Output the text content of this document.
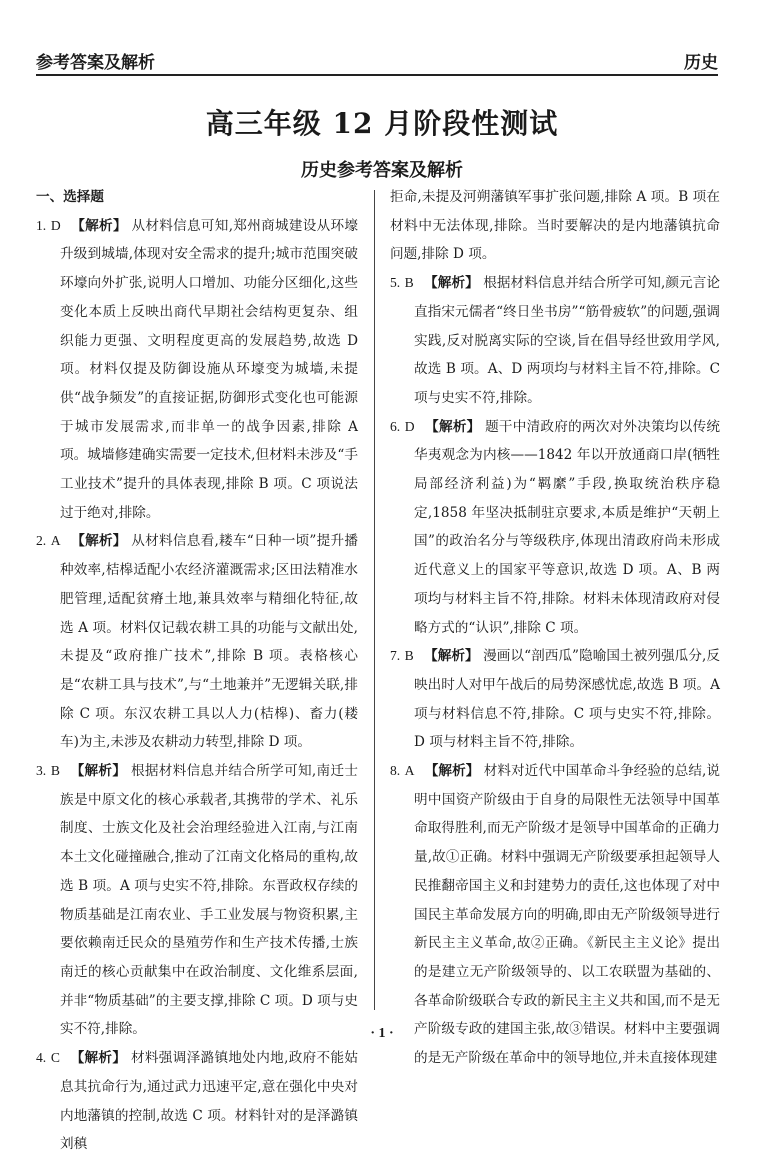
参考答案及解析	历史
高三年级 12 月阶段性测试
历史参考答案及解析
一、选择题

1. D 【解析】 从材料信息可知,郑州商城建设从环壕升级到城墙,体现对安全需求的提升;城市范围突破环壕向外扩张,说明人口增加、功能分区细化,这些变化本质上反映出商代早期社会结构更复杂、组织能力更强、文明程度更高的发展趋势,故选 D 项。材料仅提及防御设施从环壕变为城墙,未提供“战争频发”的直接证据,防御形式变化也可能源于城市发展需求,而非单一的战争因素,排除 A 项。城墙修建确实需要一定技术,但材料未涉及“手工业技术”提升的具体表现,排除 B 项。C 项说法过于绝对,排除。

2. A 【解析】 从材料信息看,耧车“日种一顷”提升播种效率,桔槔适配小农经济灌溉需求;区田法精准水肥管理,适配贫瘠土地,兼具效率与精细化特征,故选 A 项。材料仅记载农耕工具的功能与文献出处,未提及“政府推广技术”,排除 B 项。表格核心是“农耕工具与技术”,与“土地兼并”无逻辑关联,排除 C 项。东汉农耕工具以人力(桔槔)、畜力(耧车)为主,未涉及农耕动力转型,排除 D 项。

3. B 【解析】 根据材料信息并结合所学可知,南迁士族是中原文化的核心承载者,其携带的学术、礼乐制度、士族文化及社会治理经验进入江南,与江南本土文化碰撞融合,推动了江南文化格局的重构,故选 B 项。A 项与史实不符,排除。东晋政权存续的物质基础是江南农业、手工业发展与物资积累,主要依赖南迁民众的垦殖劳作和生产技术传播,士族南迁的核心贡献集中在政治制度、文化维系层面,并非“物质基础”的主要支撑,排除 C 项。D 项与史实不符,排除。

4. C 【解析】 材料强调泽潞镇地处内地,政府不能姑息其抗命行为,通过武力迅速平定,意在强化中央对内地藩镇的控制,故选 C 项。材料针对的是泽潞镇刘稹

拒命,未提及河朔藩镇军事扩张问题,排除 A 项。B 项在材料中无法体现,排除。当时要解决的是内地藩镇抗命问题,排除 D 项。

5. B 【解析】 根据材料信息并结合所学可知,颜元言论直指宋元儒者“终日坐书房”“筋骨疲软”的问题,强调实践,反对脱离实际的空谈,旨在倡导经世致用学风,故选 B 项。A、D 两项均与材料主旨不符,排除。C 项与史实不符,排除。

6. D 【解析】 题干中清政府的两次对外决策均以传统华夷观念为内核——1842 年以开放通商口岸(牺牲局部经济利益)为“羁縻”手段,换取统治秩序稳定,1858 年坚决抵制驻京要求,本质是维护“天朝上国”的政治名分与等级秩序,体现出清政府尚未形成近代意义上的国家平等意识,故选 D 项。A、B 两项均与材料主旨不符,排除。材料未体现清政府对侵略方式的“认识”,排除 C 项。

7. B 【解析】 漫画以“剖西瓜”隐喻国土被列强瓜分,反映出时人对甲午战后的局势深感忧虑,故选 B 项。A 项与材料信息不符,排除。C 项与史实不符,排除。D 项与材料主旨不符,排除。

8. A 【解析】 材料对近代中国革命斗争经验的总结,说明中国资产阶级由于自身的局限性无法领导中国革命取得胜利,而无产阶级才是领导中国革命的正确力量,故①正确。材料中强调无产阶级要承担起领导人民推翻帝国主义和封建势力的责任,这也体现了对中国民主革命发展方向的明确,即由无产阶级领导进行新民主主义革命,故②正确。《新民主主义论》提出的是建立无产阶级领导的、以工农联盟为基础的、各革命阶级联合专政的新民主主义共和国,而不是无产阶级专政的建国主张,故③错误。材料中主要强调的是无产阶级在革命中的领导地位,并未直接体现建

· 1 ·
